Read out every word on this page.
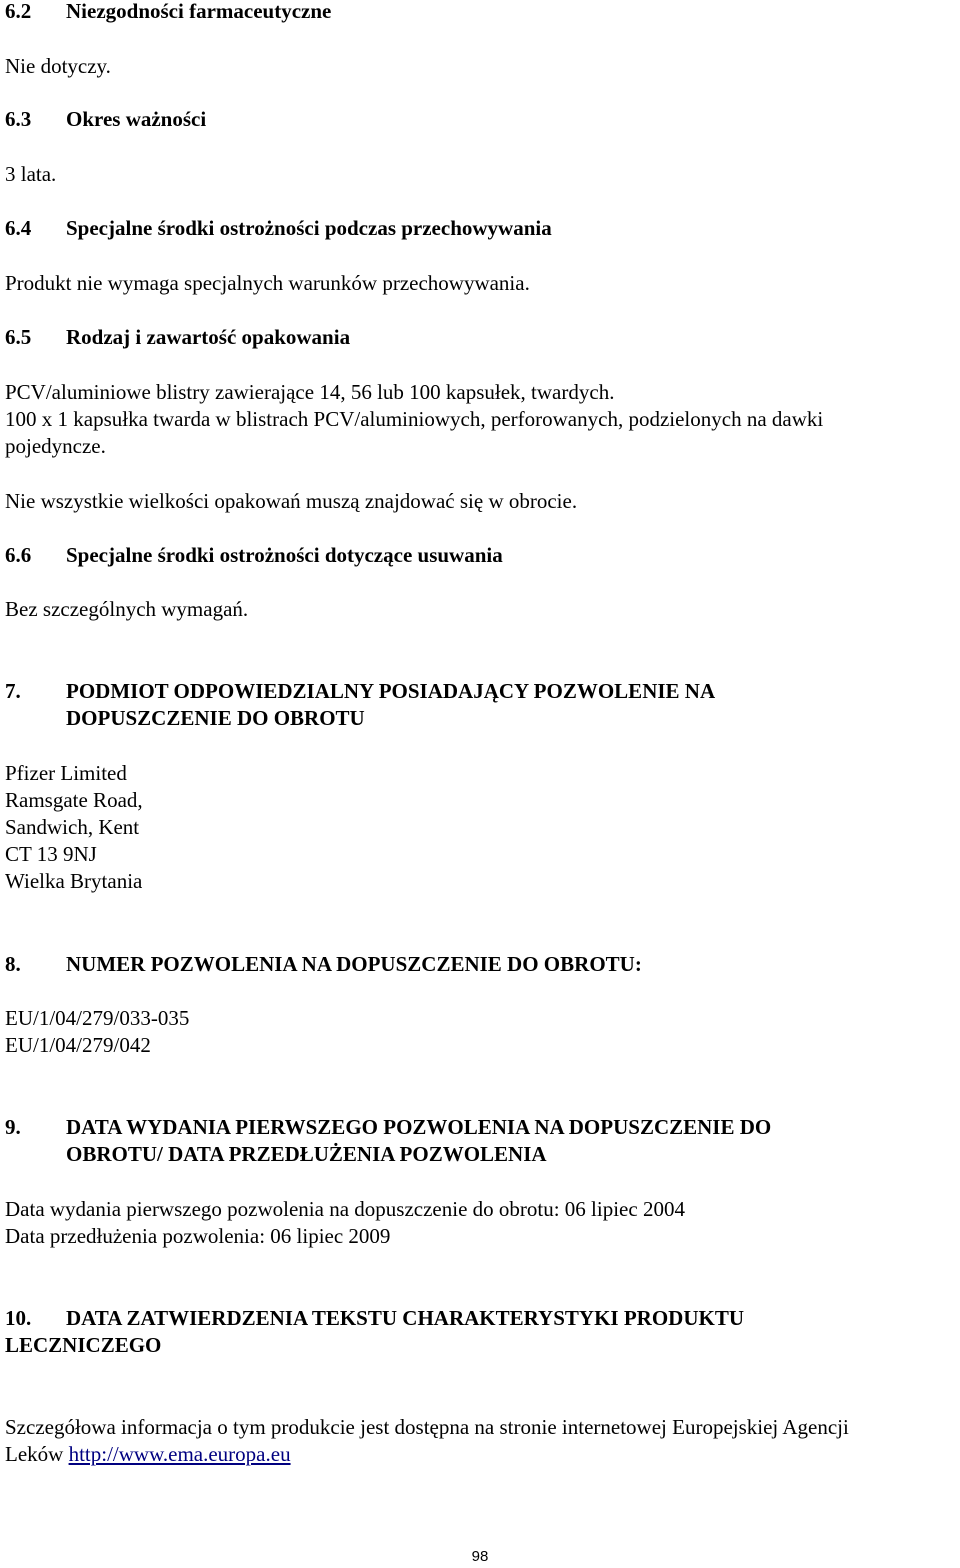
6.2 Niezgodności farmaceutyczne

Nie dotyczy.

6.3 Okres ważności

3 lata.

6.4 Specjalne środki ostrożności podczas przechowywania

Produkt nie wymaga specjalnych warunków przechowywania.

6.5 Rodzaj i zawartość opakowania
PCV/aluminiowe blistry zawierające 14, 56 lub 100 kapsułek, twardych.
100 x 1 kapsułka twarda w blistrach PCV/aluminiowych, perforowanych, podzielonych na dawki
pojedyncze.

Nie wszystkie wielkości opakowań muszą znajdować się w obrocie.

6.6 Specjalne środki ostrożności dotyczące usuwania

Bez szczególnych wymagań.

7. PODMIOT ODPOWIEDZIALNY POSIADAJĄCY POZWOLENIE NA
DOPUSZCZENIE DO OBROTU
Pfizer Limited
Ramsgate Road,
Sandwich, Kent
CT 13 9NJ
Wielka Brytania
8. NUMER POZWOLENIA NA DOPUSZCZENIE DO OBROTU:
EU/1/04/279/033-035
EU/1/04/279/042
9. DATA WYDANIA PIERWSZEGO POZWOLENIA NA DOPUSZCZENIE DO
OBROTU/ DATA PRZEDŁUŻENIA POZWOLENIA
Data wydania pierwszego pozwolenia na dopuszczenie do obrotu: 06 lipiec 2004
Data przedłużenia pozwolenia: 06 lipiec 2009
10. DATA ZATWIERDZENIA TEKSTU CHARAKTERYSTYKI PRODUKTU
LECZNICZEGO
Szczegółowa informacja o tym produkcie jest dostępna na stronie internetowej Europejskiej Agencji
Leków http://www.ema.europa.eu
98
